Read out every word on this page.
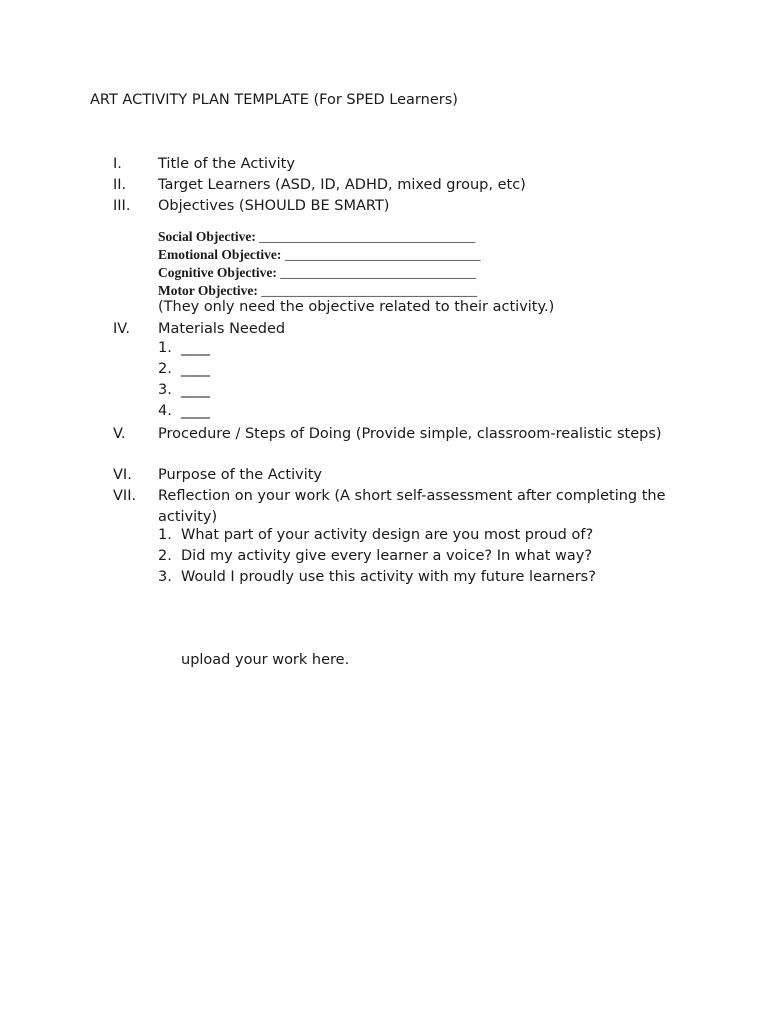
ART ACTIVITY PLAN TEMPLATE (For SPED Learners)
I.	Title of the Activity
II.	Target Learners (ASD, ID, ADHD, mixed group, etc)
III.	Objectives (SHOULD BE SMART)
Social Objective: ________________________________
Emotional Objective: _____________________________
Cognitive Objective: _____________________________
Motor Objective: ________________________________
(They only need the objective related to their activity.)
IV.	Materials Needed
1. ____
2. ____
3. ____
4. ____
V.	Procedure / Steps of Doing (Provide simple, classroom-realistic steps)
VI.	Purpose of the Activity
VII.	Reflection on your work (A short self-assessment after completing the activity)
1. What part of your activity design are you most proud of?
2. Did my activity give every learner a voice? In what way?
3. Would I proudly use this activity with my future learners?
upload your work here.
